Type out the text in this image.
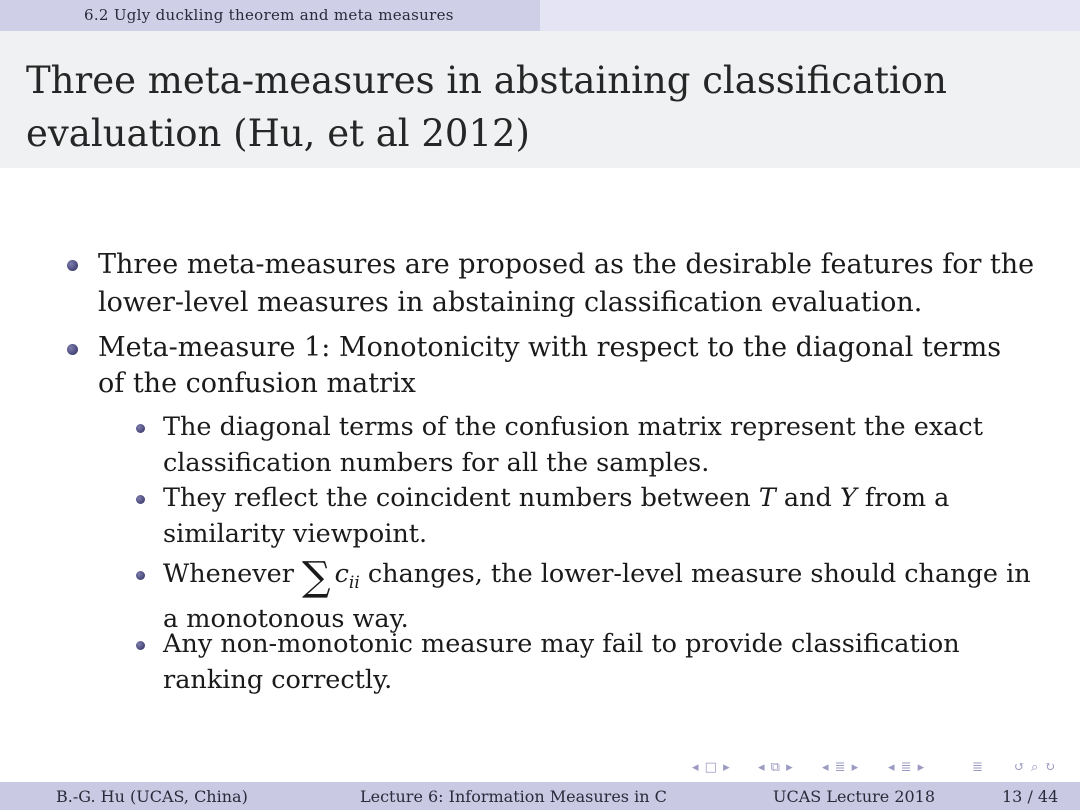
6.2 Ugly duckling theorem and meta measures
Three meta-measures in abstaining classification
evaluation (Hu, et al 2012)
Three meta-measures are proposed as the desirable features for the
lower-level measures in abstaining classification evaluation.
Meta-measure 1: Monotonicity with respect to the diagonal terms
of the confusion matrix
The diagonal terms of the confusion matrix represent the exact
classification numbers for all the samples.
They reflect the coincident numbers between T and Y from a
similarity viewpoint.
Whenever ∑ $c_{ii}$ changes, the lower-level measure should change in
a monotonous way.
Any non-monotonic measure may fail to provide classification
ranking correctly.
◂ □ ▸ ◂ ⧉ ▸ ◂ ≣ ▸ ◂ ≣ ▸	≣ ↺ ⌕ ↻
B.-G. Hu (UCAS, China)	Lecture 6: Information Measures in C	UCAS Lecture 2018	13 / 44
